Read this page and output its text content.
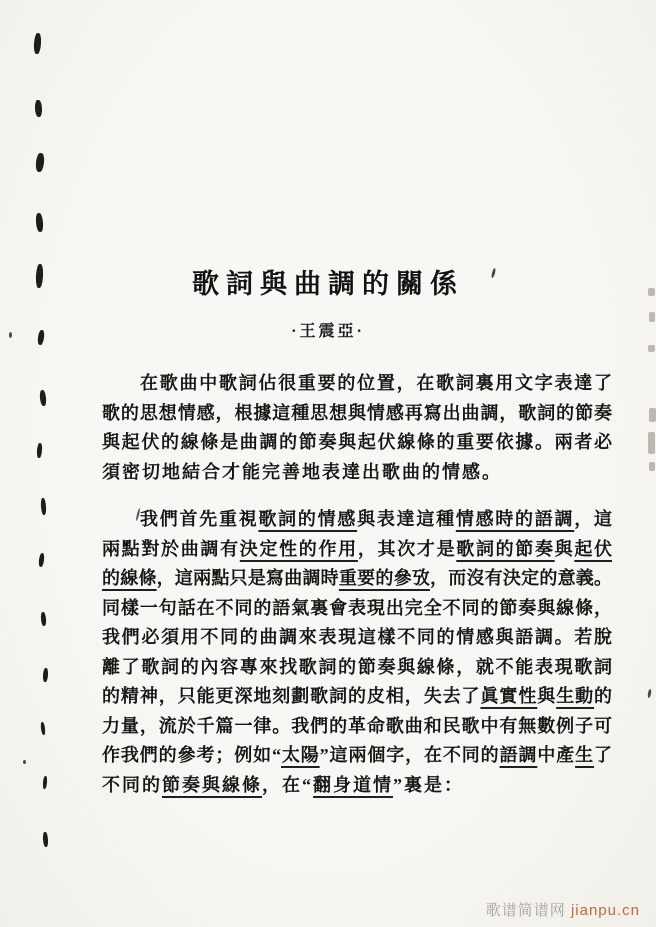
歌詞與曲調的關係
·王震亞·
在歌曲中歌詞佔很重要的位置，在歌詞裏用文字表達了
歌的思想情感，根據這種思想與情感再寫出曲調，歌詞的節奏
與起伏的線條是曲調的節奏與起伏線條的重要依據。兩者必
須密切地結合才能完善地表達出歌曲的情感。
我們首先重視歌詞的情感與表達這種情感時的語調，這
兩點對於曲調有決定性的作用，其次才是歌詞的節奏與起伏
的線條，這兩點只是寫曲調時重要的參攷，而沒有決定的意義。
同樣一句話在不同的語氣裏會表現出完全不同的節奏與線條，
我們必須用不同的曲調來表現這樣不同的情感與語調。若脫
離了歌詞的內容專來找歌詞的節奏與線條，就不能表現歌詞
的精神，只能更深地刻劃歌詞的皮相，失去了眞實性與生動的
力量，流於千篇一律。我們的革命歌曲和民歌中有無數例子可
作我們的參考；例如“太陽”這兩個字，在不同的語調中產生了
不同的節奏與線條，在“翻身道情”裏是：
歌谱简谱网 jianpu.cn
